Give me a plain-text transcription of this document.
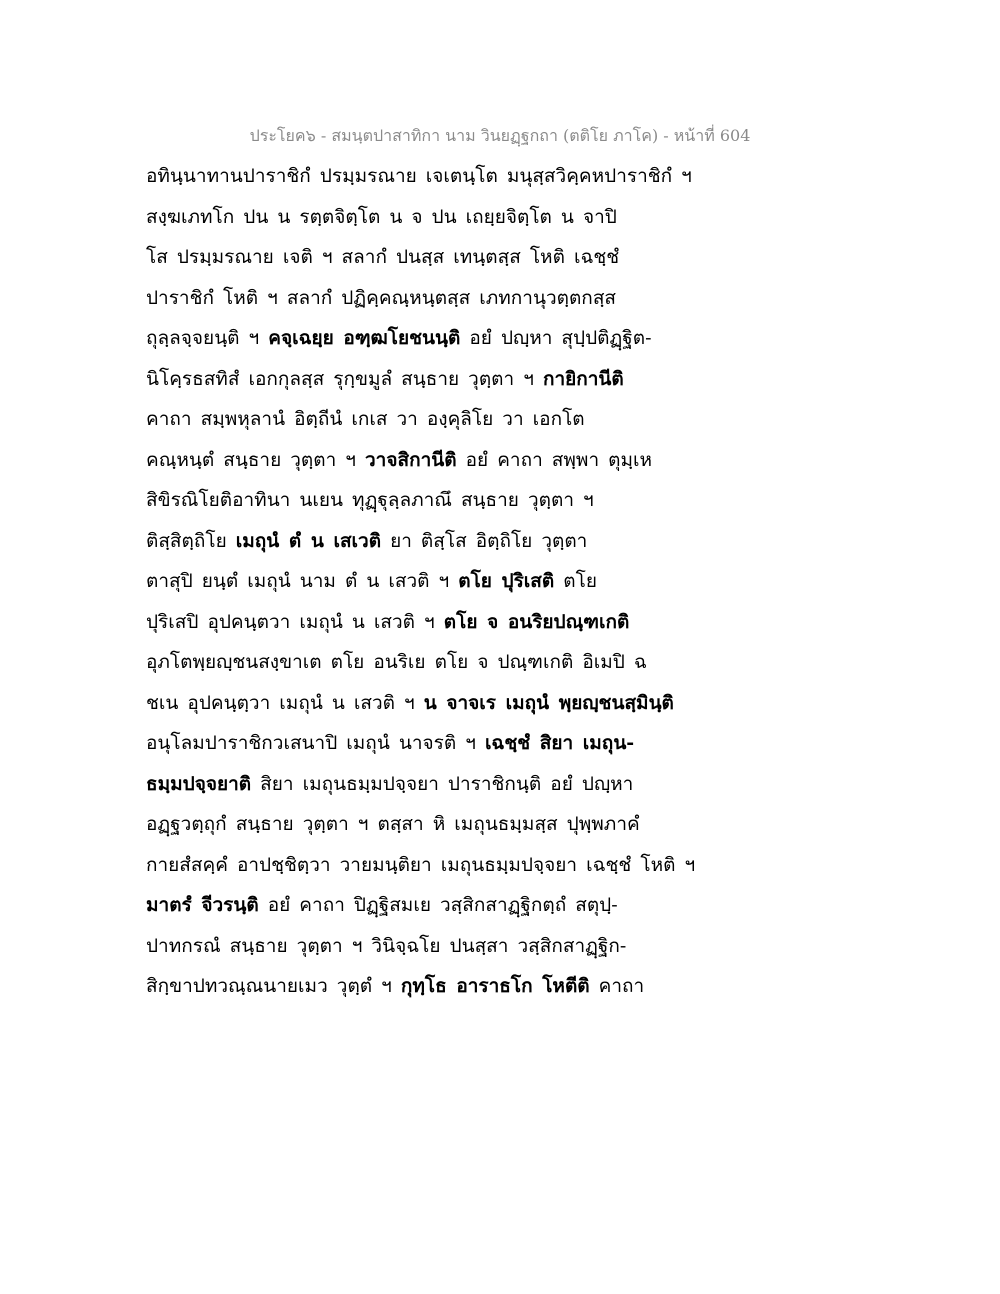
ประโยค๖ - สมนฺตปาสาทิกา นาม วินยฏฺฐกถา (ตติโย ภาโค) - หน้าที่ 604
อทินฺนาทานปาราชิกํ ปรมฺมรณาย เจเตนฺโต มนุสฺสวิคฺคหปาราชิกํ ฯ
สงฺฆเภทโก ปน น รตฺตจิตฺโต น จ ปน เถยฺยจิตฺโต น จาปิ
โส ปรมฺมรณาย เจติ ฯ สลากํ ปนสฺส เทนฺตสฺส โหติ เฉชฺชํ
ปาราชิกํ โหติ ฯ สลากํ ปฏิคฺคณฺหนฺตสฺส เภทกานุวตฺตกสฺส
ถุลฺลจฺจยนฺติ ฯ คจฺเฉยฺย อฑฺฒโยชนนฺติ อยํ ปญฺหา สุปฺปติฏฺฐิต-
นิโคฺรธสทิสํ เอกกุลสฺส รุกฺขมูลํ สนฺธาย วุตฺตา ฯ กายิกานีติ
คาถา สมฺพหุลานํ อิตฺถีนํ เกเส วา องฺคุลิโย วา เอกโต
คณฺหนฺตํ สนฺธาย วุตฺตา ฯ วาจสิกานีติ อยํ คาถา สพฺพา ตุมฺเห
สิขิรณิโยติอาทินา นเยน ทุฏฺฐุลฺลภาณึ สนฺธาย วุตฺตา ฯ
ติสฺสิตฺถิโย เมถุนํ ตํ น เสเวติ ยา ติสฺโส อิตฺถิโย วุตฺตา
ตาสุปิ ยนฺตํ เมถุนํ นาม ตํ น เสวติ ฯ ตโย ปุริเสติ ตโย
ปุริเสปิ อุปคนฺตวา เมถุนํ น เสวติ ฯ ตโย จ อนริยปณฺฑเกติ
อุภโตพฺยญฺชนสงฺขาเต ตโย อนริเย ตโย จ ปณฺฑเกติ อิเมปิ ฉ
ชเน อุปคนฺตฺวา เมถุนํ น เสวติ ฯ น จาจเร เมถุนํ พฺยญฺชนสฺมินฺติ
อนุโลมปาราชิกวเสนาปิ เมถุนํ นาจรติ ฯ เฉชฺชํ สิยา เมถุน-
ธมฺมปจฺจยาติ สิยา เมถุนธมฺมปจฺจยา ปาราชิกนฺติ อยํ ปญฺหา
อฏฺฐวตฺถุกํ สนฺธาย วุตฺตา ฯ ตสฺสา หิ เมถุนธมฺมสฺส ปุพฺพภาคํ
กายสํสคฺคํ อาปชฺชิตฺวา วายมนฺติยา เมถุนธมฺมปจฺจยา เฉชฺชํ โหติ ฯ
มาตรํ จีวรนฺติ อยํ คาถา ปิฏฺฐิสมเย วสฺสิกสาฏฺฐิกตฺถํ สตุปฺ-
ปาทกรณํ สนฺธาย วุตฺตา ฯ วินิจฺฉโย ปนสฺสา วสฺสิกสาฏฺฐิก-
สิกฺขาปทวณฺณนายเมว วุตฺตํ ฯ กุทฺโธ อาราธโก โหตีติ คาถา
